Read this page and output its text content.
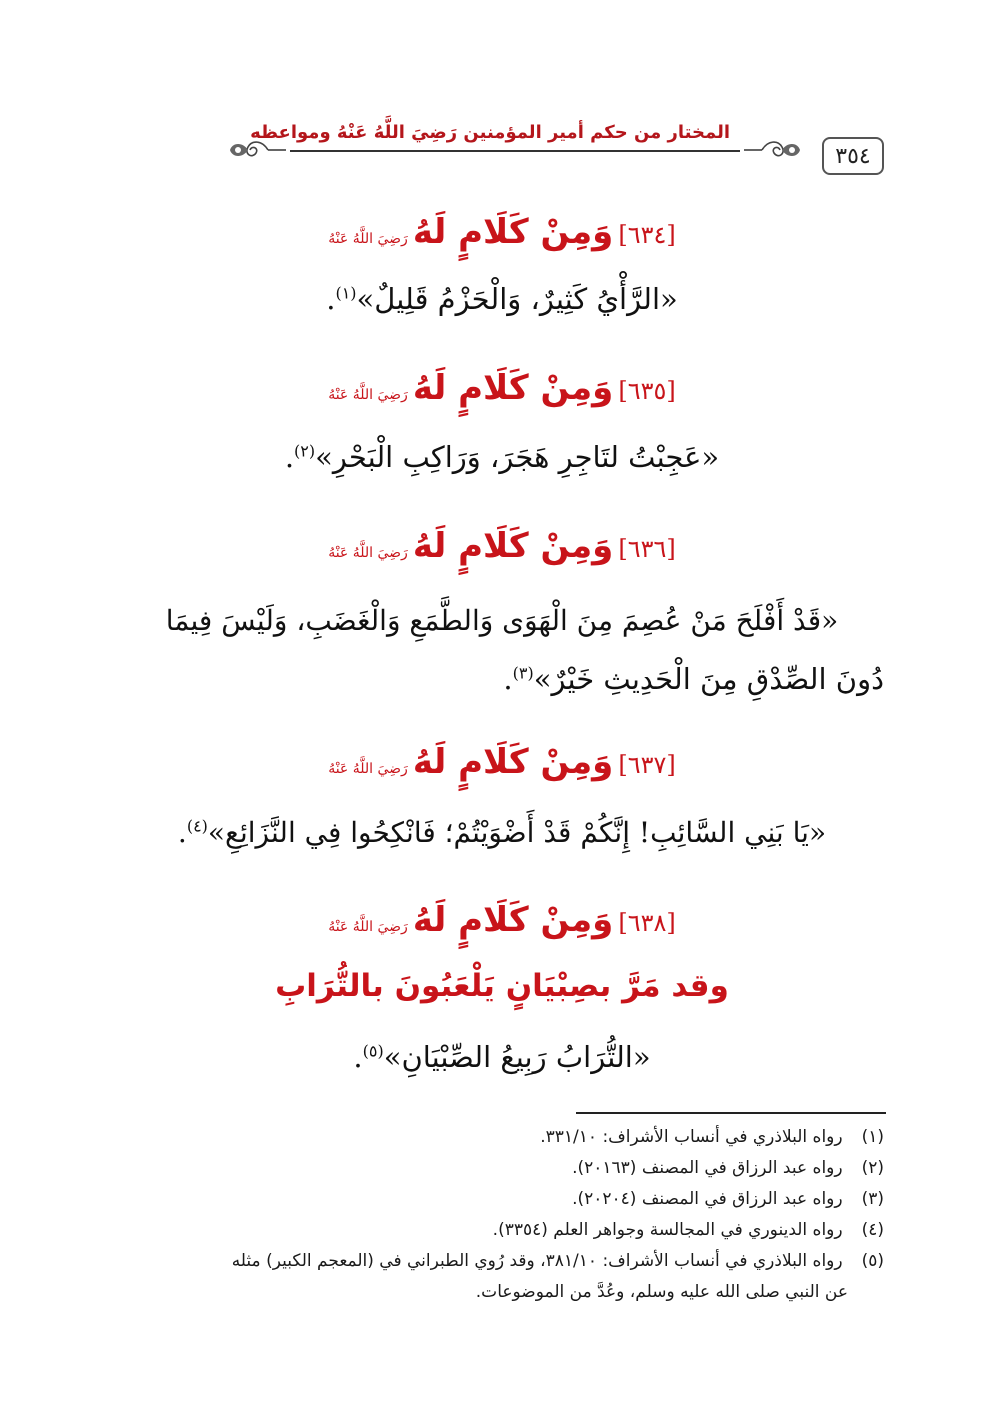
٣٥٤
المختار من حكم أمير المؤمنين رَضِيَ اللَّهُ عَنْهُ ومواعظه
[٦٣٤] وَمِنْ كَلَامٍ لَهُ رَضِيَ اللَّهُ عَنْهُ
«الرَّأْيُ كَثِيرٌ، وَالْحَزْمُ قَلِيلٌ»$^{(١)}$.
[٦٣٥] وَمِنْ كَلَامٍ لَهُ رَضِيَ اللَّهُ عَنْهُ
«عَجِبْتُ لتَاجِرِ هَجَرَ، وَرَاكِبِ الْبَحْرِ»$^{(٢)}$.
[٦٣٦] وَمِنْ كَلَامٍ لَهُ رَضِيَ اللَّهُ عَنْهُ
«قَدْ أَفْلَحَ مَنْ عُصِمَ مِنَ الْهَوَى وَالطَّمَعِ وَالْغَضَبِ، وَلَيْسَ فِيمَا
دُونَ الصِّدْقِ مِنَ الْحَدِيثِ خَيْرٌ»$^{(٣)}$.
[٦٣٧] وَمِنْ كَلَامٍ لَهُ رَضِيَ اللَّهُ عَنْهُ
«يَا بَنِي السَّائِبِ! إِنَّكُمْ قَدْ أَضْوَيْتُمْ؛ فَانْكِحُوا فِي النَّزَائِعِ»$^{(٤)}$.
[٦٣٨] وَمِنْ كَلَامٍ لَهُ رَضِيَ اللَّهُ عَنْهُ
وقد مَرَّ بصِبْيَانٍ يَلْعَبُونَ بالتُّرَابِ
«التُّرَابُ رَبِيعُ الصِّبْيَانِ»$^{(٥)}$.
(١) رواه البلاذري في أنساب الأشراف: ٣٣١/١٠.
(٢) رواه عبد الرزاق في المصنف (٢٠١٦٣).
(٣) رواه عبد الرزاق في المصنف (٢٠٢٠٤).
(٤) رواه الدينوري في المجالسة وجواهر العلم (٣٣٥٤).
(٥) رواه البلاذري في أنساب الأشراف: ٣٨١/١٠، وقد رُوي الطبراني في (المعجم الكبير) مثله
عن النبي صلى الله عليه وسلم، وعُدَّ من الموضوعات.
